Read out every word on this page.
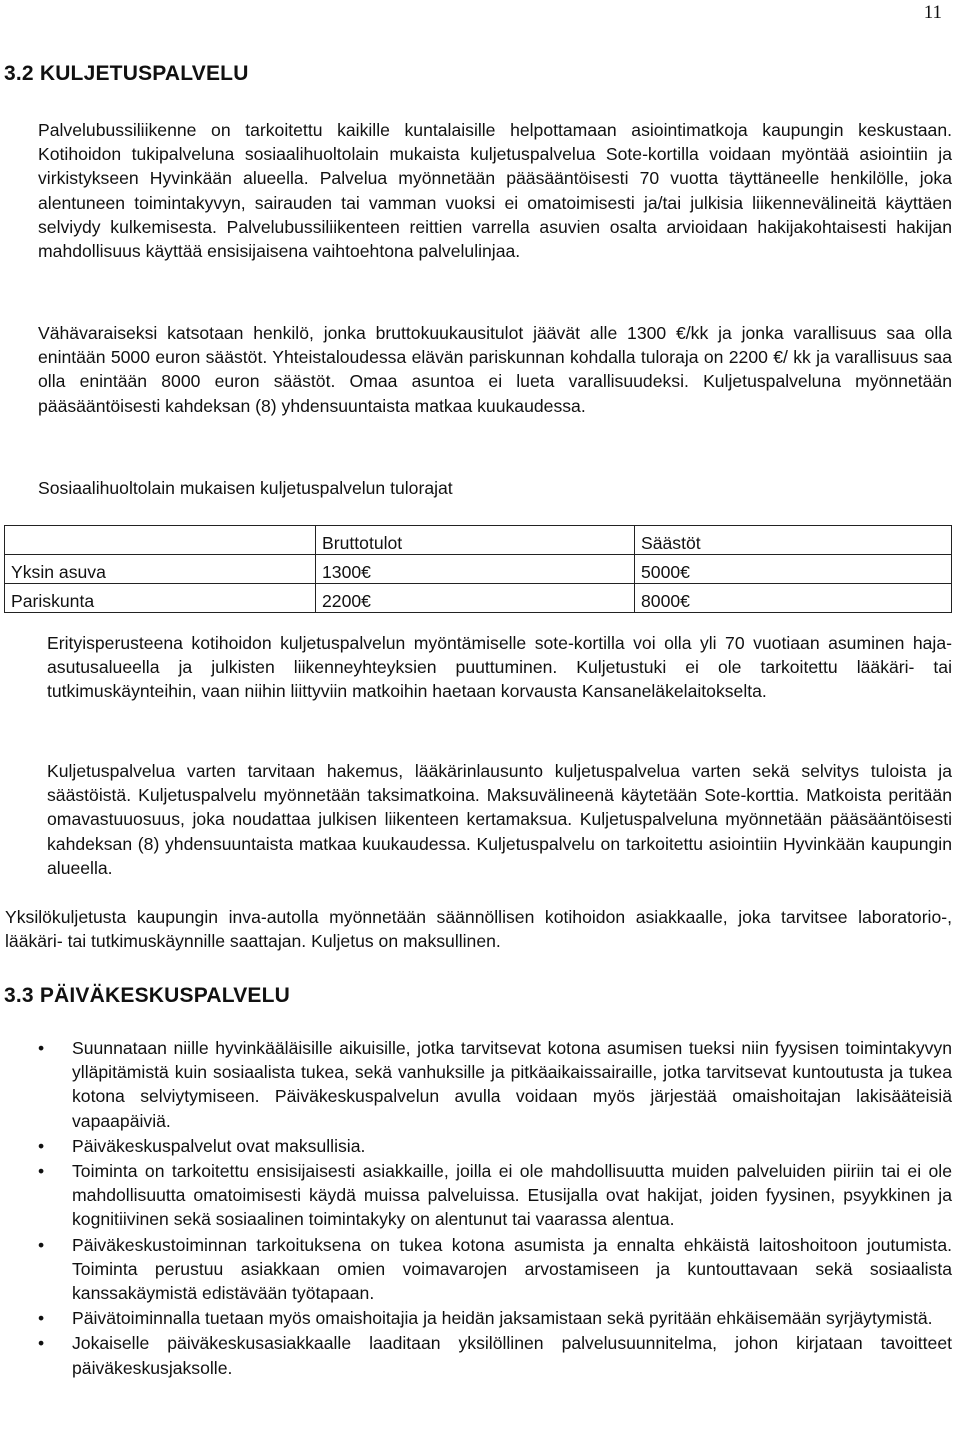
11
3.2 KULJETUSPALVELU

Palvelubussiliikenne on tarkoitettu kaikille kuntalaisille helpottamaan asiointimatkoja kaupungin keskustaan. Kotihoidon tukipalveluna sosiaalihuoltolain mukaista kuljetuspalvelua Sote-kortilla voidaan myöntää asiointiin ja virkistykseen Hyvinkään alueella. Palvelua myönnetään pääsääntöisesti 70 vuotta täyttäneelle henkilölle, joka alentuneen toimintakyvyn, sairauden tai vamman vuoksi ei omatoimisesti ja/tai julkisia liikennevälineitä käyttäen selviydy kulkemisesta. Palvelubussiliikenteen reittien varrella asuvien osalta arvioidaan hakijakohtaisesti hakijan mahdollisuus käyttää ensisijaisena vaihtoehtona palvelulinjaa.

Vähävaraiseksi katsotaan henkilö, jonka bruttokuukausitulot jäävät alle 1300 €/kk ja jonka varallisuus saa olla enintään 5000 euron säästöt. Yhteistaloudessa elävän pariskunnan kohdalla tuloraja on 2200 €/ kk ja varallisuus saa olla enintään 8000 euron säästöt. Omaa asuntoa ei lueta varallisuudeksi. Kuljetuspalveluna myönnetään pääsääntöisesti kahdeksan (8) yhdensuuntaista matkaa kuukaudessa.

Sosiaalihuoltolain mukaisen kuljetuspalvelun tulorajat

	Bruttotulot	Säästöt
Yksin asuva	1300€	5000€
Pariskunta	2200€	8000€

Erityisperusteena kotihoidon kuljetuspalvelun myöntämiselle sote-kortilla voi olla yli 70 vuotiaan asuminen haja-asutusalueella ja julkisten liikenneyhteyksien puuttuminen. Kuljetustuki ei ole tarkoitettu lääkäri- tai tutkimuskäynteihin, vaan niihin liittyviin matkoihin haetaan korvausta Kansaneläkelaitokselta.

Kuljetuspalvelua varten tarvitaan hakemus, lääkärinlausunto kuljetuspalvelua varten sekä selvitys tuloista ja säästöistä. Kuljetuspalvelu myönnetään taksimatkoina. Maksuvälineenä käytetään Sote-korttia. Matkoista peritään omavastuuosuus, joka noudattaa julkisen liikenteen kertamaksua. Kuljetuspalveluna myönnetään pääsääntöisesti kahdeksan (8) yhdensuuntaista matkaa kuukaudessa. Kuljetuspalvelu on tarkoitettu asiointiin Hyvinkään kaupungin alueella.

Yksilökuljetusta kaupungin inva-autolla myönnetään säännöllisen kotihoidon asiakkaalle, joka tarvitsee laboratorio-, lääkäri- tai tutkimuskäynnille saattajan. Kuljetus on maksullinen.

3.3 PÄIVÄKESKUSPALVELU
• Suunnataan niille hyvinkääläisille aikuisille, jotka tarvitsevat kotona asumisen tueksi niin fyysisen toimintakyvyn ylläpitämistä kuin sosiaalista tukea, sekä vanhuksille ja pitkäaikaissairaille, jotka tarvitsevat kuntoutusta ja tukea kotona selviytymiseen. Päiväkeskuspalvelun avulla voidaan myös järjestää omaishoitajan lakisääteisiä vapaapäiviä.
• Päiväkeskuspalvelut ovat maksullisia.
• Toiminta on tarkoitettu ensisijaisesti asiakkaille, joilla ei ole mahdollisuutta muiden palveluiden piiriin tai ei ole mahdollisuutta omatoimisesti käydä muissa palveluissa. Etusijalla ovat hakijat, joiden fyysinen, psyykkinen ja kognitiivinen sekä sosiaalinen toimintakyky on alentunut tai vaarassa alentua.
• Päiväkeskustoiminnan tarkoituksena on tukea kotona asumista ja ennalta ehkäistä laitoshoitoon joutumista. Toiminta perustuu asiakkaan omien voimavarojen arvostamiseen ja kuntouttavaan sekä sosiaalista kanssakäymistä edistävään työtapaan.
• Päivätoiminnalla tuetaan myös omaishoitajia ja heidän jaksamistaan sekä pyritään ehkäisemään syrjäytymistä.
• Jokaiselle päiväkeskusasiakkaalle laaditaan yksilöllinen palvelusuunnitelma, johon kirjataan tavoitteet päiväkeskusjaksolle.
